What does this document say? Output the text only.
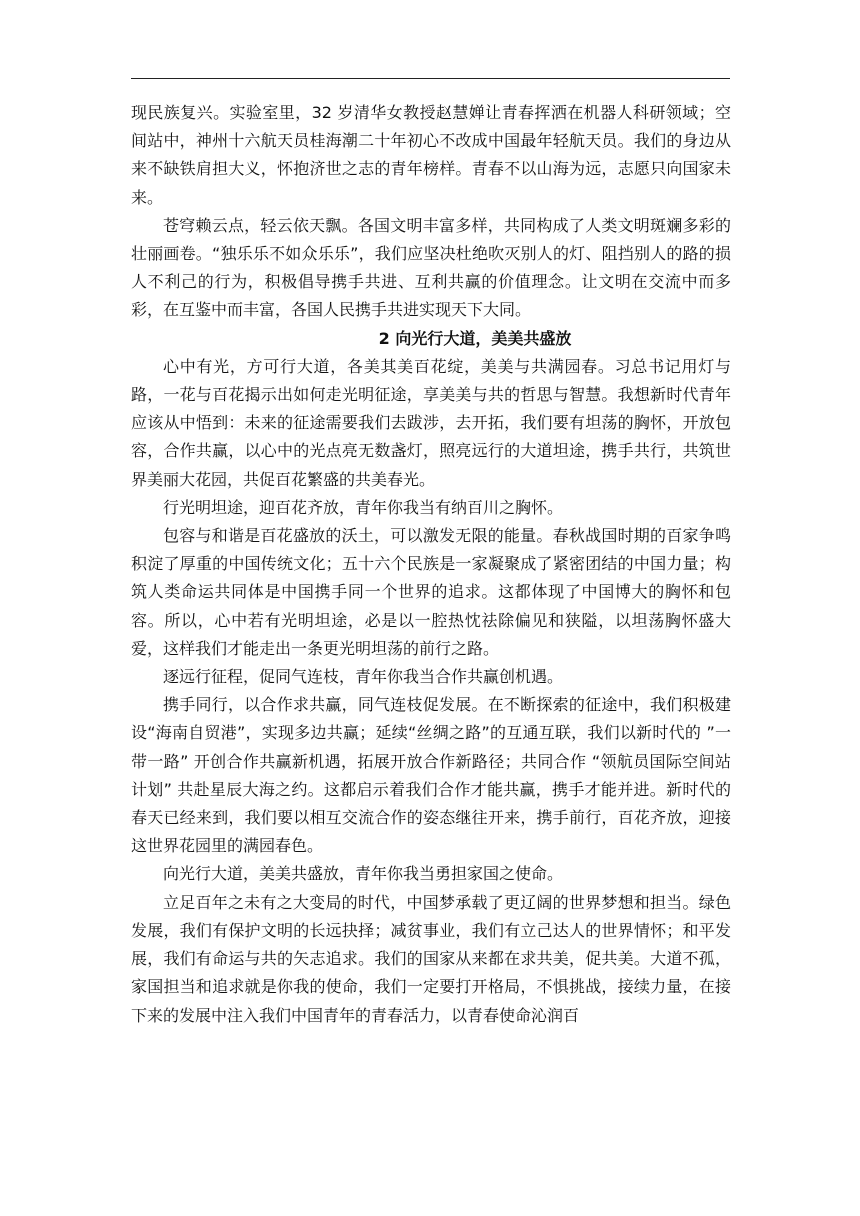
现民族复兴。实验室里，32 岁清华女教授赵慧婵让青春挥洒在机器人科研领域；空间站中，神州十六航天员桂海潮二十年初心不改成中国最年轻航天员。我们的身边从来不缺铁肩担大义，怀抱济世之志的青年榜样。青春不以山海为远，志愿只向国家未来。

苍穹赖云点，轻云依天飘。各国文明丰富多样，共同构成了人类文明斑斓多彩的壮丽画卷。“独乐乐不如众乐乐”，我们应坚决杜绝吹灭别人的灯、阻挡别人的路的损人不利己的行为，积极倡导携手共进、互利共赢的价值理念。让文明在交流中而多彩，在互鉴中而丰富，各国人民携手共进实现天下大同。

2 向光行大道，美美共盛放

心中有光，方可行大道，各美其美百花绽，美美与共满园春。习总书记用灯与路，一花与百花揭示出如何走光明征途，享美美与共的哲思与智慧。我想新时代青年应该从中悟到：未来的征途需要我们去跋涉，去开拓，我们要有坦荡的胸怀，开放包容，合作共赢，以心中的光点亮无数盏灯，照亮远行的大道坦途，携手共行，共筑世界美丽大花园，共促百花繁盛的共美春光。

行光明坦途，迎百花齐放，青年你我当有纳百川之胸怀。

包容与和谐是百花盛放的沃土，可以激发无限的能量。春秋战国时期的百家争鸣积淀了厚重的中国传统文化；五十六个民族是一家凝聚成了紧密团结的中国力量；构筑人类命运共同体是中国携手同一个世界的追求。这都体现了中国博大的胸怀和包容。所以，心中若有光明坦途，必是以一腔热忱祛除偏见和狭隘，以坦荡胸怀盛大爱，这样我们才能走出一条更光明坦荡的前行之路。

逐远行征程，促同气连枝，青年你我当合作共赢创机遇。

携手同行，以合作求共赢，同气连枝促发展。在不断探索的征途中，我们积极建设“海南自贸港”，实现多边共赢；延续“丝绸之路”的互通互联，我们以新时代的 ”一带一路” 开创合作共赢新机遇，拓展开放合作新路径；共同合作 “领航员国际空间站计划” 共赴星辰大海之约。这都启示着我们合作才能共赢，携手才能并进。新时代的春天已经来到，我们要以相互交流合作的姿态继往开来，携手前行，百花齐放，迎接这世界花园里的满园春色。

向光行大道，美美共盛放，青年你我当勇担家国之使命。

立足百年之未有之大变局的时代，中国梦承载了更辽阔的世界梦想和担当。绿色发展，我们有保护文明的长远抉择；减贫事业，我们有立己达人的世界情怀；和平发展，我们有命运与共的矢志追求。我们的国家从来都在求共美，促共美。大道不孤，家国担当和追求就是你我的使命，我们一定要打开格局，不惧挑战，接续力量，在接下来的发展中注入我们中国青年的青春活力，以青春使命沁润百
